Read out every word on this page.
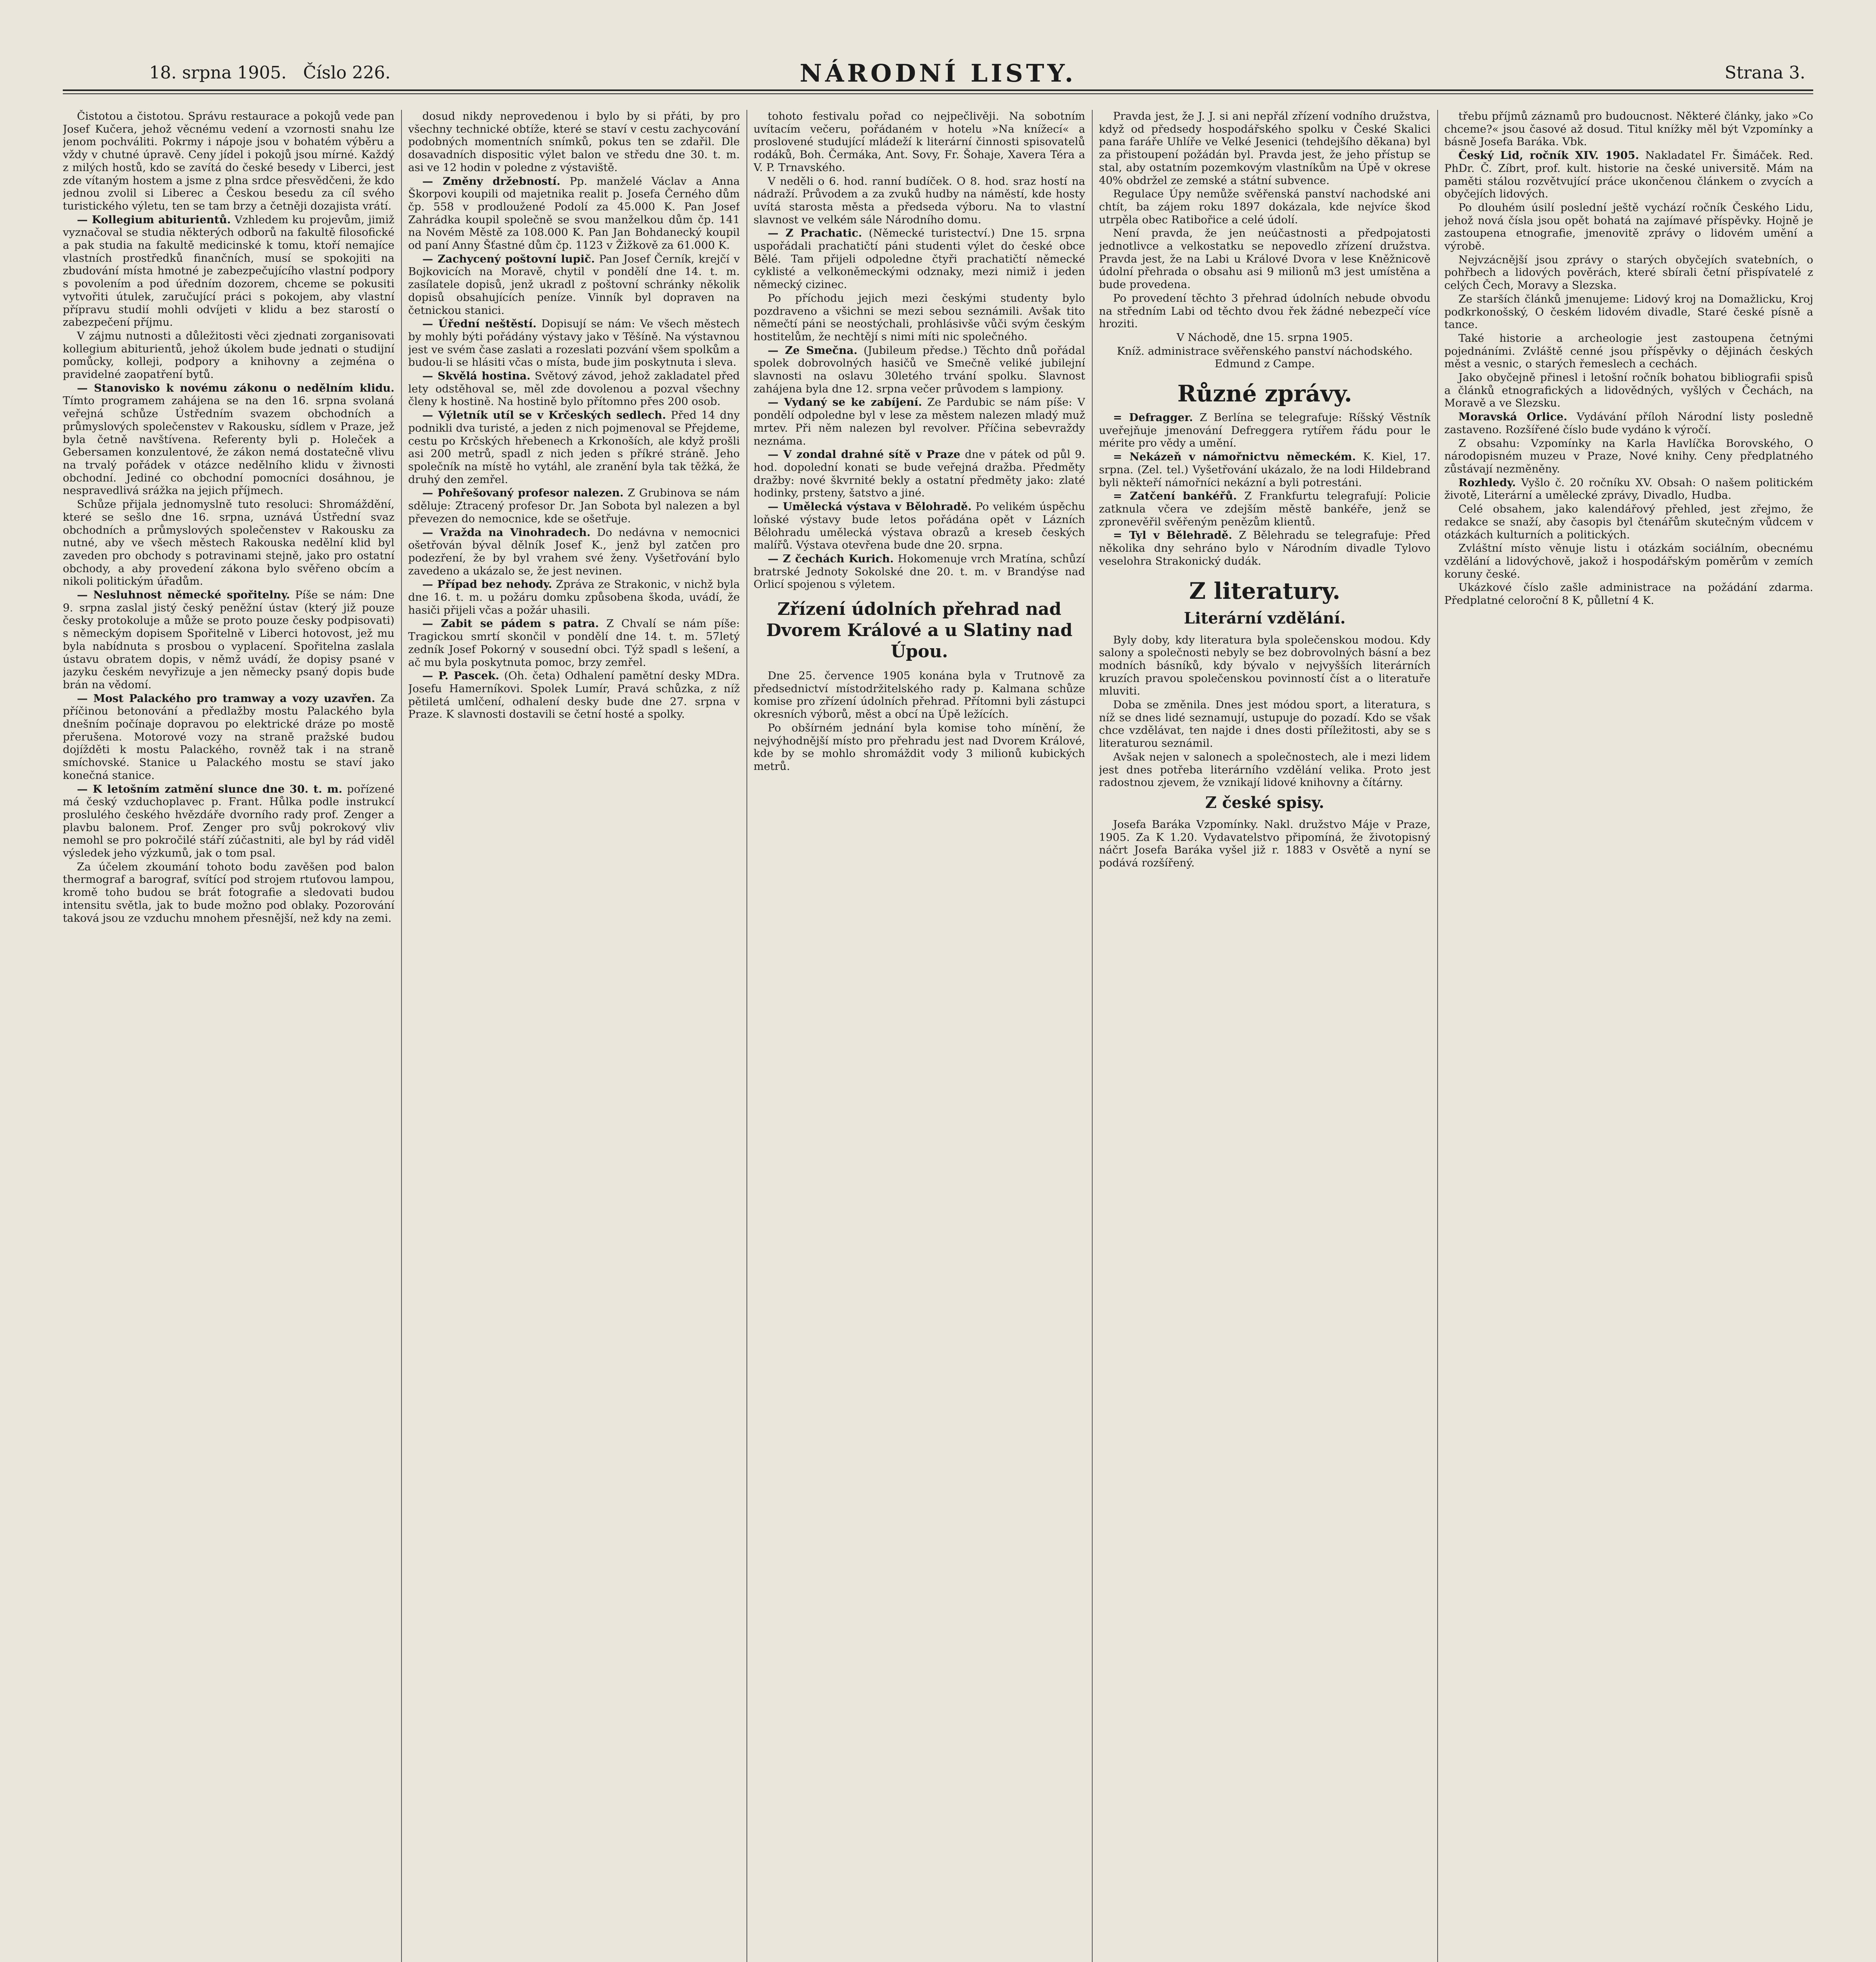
18. srpna 1905. Číslo 226.	NÁRODNÍ LISTY.	Strana 3.

Čistotou a čistotou. Správu restaurace a pokojů vede pan Josef Kučera, jehož věcnému vedení a vzornosti snahu lze jenom pochváliti. Pokrmy i nápoje jsou v bohatém výběru a vždy v chutné úpravě. Ceny jídel i pokojů jsou mírné. Každý z milých hostů, kdo se zavítá do české besedy v Liberci, jest zde vítaným hostem a jsme z plna srdce přesvědčeni, že kdo jednou zvolil si Liberec a Českou besedu za cíl svého turistického výletu, ten se tam brzy a četněji dozajista vrátí.

— Kollegium abiturientů. Vzhledem ku projevům, jimiž vyznačoval se studia některých odborů na fakultě filosofické a pak studia na fakultě medicinské k tomu, ktoří nemajíce vlastních prostředků finančních, musí se spokojiti na zbudování místa hmotné je zabezpečujícího vlastní podpory s povolením a pod úředním dozorem, chceme se pokusiti vytvořiti útulek, zaručující práci s pokojem, aby vlastní přípravu studií mohli odvíjeti v klidu a bez starostí o zabezpečení příjmu.

V zájmu nutnosti a důležitosti věci zjednati zorganisovati kollegium abiturientů, jehož úkolem bude jednati o studijní pomůcky, kolleji, podpory a knihovny a zejména o pravidelné zaopatření bytů.

— Stanovisko k novému zákonu o nedělním klidu. Tímto programem zahájena se na den 16. srpna svolaná veřejná schůze Ústředním svazem obchodních a průmyslových společenstev v Rakousku, sídlem v Praze, jež byla četně navštívena. Referenty byli p. Holeček a Gebersamen konzulentové, že zákon nemá dostatečně vlivu na trvalý pořádek v otázce nedělního klidu v živnosti obchodní. Jediné co obchodní pomocníci dosáhnou, je nespravedlivá srážka na jejich příjmech.

Schůze přijala jednomyslně tuto resoluci: Shromáždění, které se sešlo dne 16. srpna, uznává Ústřední svaz obchodních a průmyslových společenstev v Rakousku za nutné, aby ve všech městech Rakouska nedělní klid byl zaveden pro obchody s potravinami stejně, jako pro ostatní obchody, a aby provedení zákona bylo svěřeno obcím a nikoli politickým úřadům.

— Nesluhnost německé spořitelny. Píše se nám: Dne 9. srpna zaslal jistý český peněžní ústav (který již pouze česky protokoluje a může se proto pouze česky podpisovati) s německým dopisem Spořitelně v Liberci hotovost, jež mu byla nabídnuta s prosbou o vyplacení. Spořitelna zaslala ústavu obratem dopis, v němž uvádí, že dopisy psané v jazyku českém nevyřizuje a jen německy psaný dopis bude brán na vědomí.

— Most Palackého pro tramway a vozy uzavřen. Za příčinou betonování a předlažby mostu Palackého byla dnešním počínaje dopravou po elektrické dráze po mostě přerušena. Motorové vozy na straně pražské budou dojížděti k mostu Palackého, rovněž tak i na straně smíchovské. Stanice u Palackého mostu se staví jako konečná stanice.

— K letošním zatmění slunce dne 30. t. m. pořízené má český vzduchoplavec p. Frant. Hůlka podle instrukcí proslulého českého hvězdáře dvorního rady prof. Zenger a plavbu balonem. Prof. Zenger pro svůj pokrokový vliv nemohl se pro pokročilé stáří zúčastniti, ale byl by rád viděl výsledek jeho výzkumů, jak o tom psal.

Za účelem zkoumání tohoto bodu zavěšen pod balon thermograf a barograf, svítící pod strojem rtuťovou lampou, kromě toho budou se brát fotografie a sledovati budou intensitu světla, jak to bude možno pod oblaky. Pozorování taková jsou ze vzduchu mnohem přesnější, než kdy na zemi.

dosud nikdy neprovedenou i bylo by si přáti, by pro všechny technické obtíže, které se staví v cestu zachycování podobných momentních snímků, pokus ten se zdařil. Dle dosavadních dispositic výlet balon ve středu dne 30. t. m. asi ve 12 hodin v poledne z výstaviště.

— Změny držebností. Pp. manželé Václav a Anna Škorpovi koupili od majetnika realit p. Josefa Černého dům čp. 558 v prodloužené Podolí za 45.000 K. Pan Josef Zahrádka koupil společně se svou manželkou dům čp. 141 na Novém Městě za 108.000 K. Pan Jan Bohdanecký koupil od paní Anny Šťastné dům čp. 1123 v Žižkově za 61.000 K.

— Zachycený poštovní lupič. Pan Josef Černík, krejčí v Bojkovicích na Moravě, chytil v pondělí dne 14. t. m. zasílatele dopisů, jenž ukradl z poštovní schránky několik dopisů obsahujících peníze. Vinník byl dopraven na četnickou stanici.

— Úřední neštěstí. Dopisují se nám: Ve všech městech by mohly býti pořádány výstavy jako v Těšíně. Na výstavnou jest ve svém čase zaslati a rozeslati pozvání všem spolkům a budou-li se hlásiti včas o místa, bude jim poskytnuta i sleva.

— Skvělá hostina. Světový závod, jehož zakladatel před lety odstěhoval se, měl zde dovolenou a pozval všechny členy k hostině. Na hostině bylo přítomno přes 200 osob.

— Výletník utíl se v Krčeských sedlech. Před 14 dny podnikli dva turisté, a jeden z nich pojmenoval se Přejdeme, cestu po Krčských hřebenech a Krkonoších, ale když prošli asi 200 metrů, spadl z nich jeden s příkré stráně. Jeho společník na místě ho vytáhl, ale zranění byla tak těžká, že druhý den zemřel.

— Pohřešovaný profesor nalezen. Z Grubinova se nám sděluje: Ztracený profesor Dr. Jan Sobota byl nalezen a byl převezen do nemocnice, kde se ošetřuje.

— Vražda na Vinohradech. Do nedávna v nemocnici ošetřován býval dělník Josef K., jenž byl zatčen pro podezření, že by byl vrahem své ženy. Vyšetřování bylo zavedeno a ukázalo se, že jest nevinen.

— Případ bez nehody. Zpráva ze Strakonic, v nichž byla dne 16. t. m. u požáru domku způsobena škoda, uvádí, že hasiči přijeli včas a požár uhasili.

— Zabit se pádem s patra. Z Chvalí se nám píše: Tragickou smrtí skončil v pondělí dne 14. t. m. 57letý zedník Josef Pokorný v sousední obci. Týž spadl s lešení, a ač mu byla poskytnuta pomoc, brzy zemřel.

— P. Pascek. (Oh. četa) Odhalení pamětní desky MDra. Josefu Hamerníkovi. Spolek Lumír, Pravá schůzka, z níž pětiletá umlčení, odhalení desky bude dne 27. srpna v Praze. K slavnosti dostavili se četní hosté a spolky.

tohoto festivalu pořad co nejpečlivěji. Na sobotním uvítacím večeru, pořádaném v hotelu »Na knížecí« a proslovené studující mládeží k literární činnosti spisovatelů rodáků, Boh. Čermáka, Ant. Sovy, Fr. Šohaje, Xavera Téra a V. P. Trnavského.

V neděli o 6. hod. ranní budíček. O 8. hod. sraz hostí na nádraží. Průvodem a za zvuků hudby na náměstí, kde hosty uvítá starosta města a předseda výboru. Na to vlastní slavnost ve velkém sále Národního domu.

— Z Prachatic. (Německé turistectví.) Dne 15. srpna uspořádali prachatičtí páni studenti výlet do české obce Bělé. Tam přijeli odpoledne čtyři prachatičtí německé cyklisté a velkoněmeckými odznaky, mezi nimiž i jeden německý cizinec.

Po příchodu jejich mezi českými studenty bylo pozdraveno a všichni se mezi sebou seznámili. Avšak tito němečtí páni se neostýchali, prohlásivše vůči svým českým hostitelům, že nechtějí s nimi míti nic společného.

— Ze Smečna. (Jubileum předse.) Těchto dnů pořádal spolek dobrovolných hasičů ve Smečně veliké jubilejní slavnosti na oslavu 30letého trvání spolku. Slavnost zahájena byla dne 12. srpna večer průvodem s lampiony.

— Vydaný se ke zabíjení. Ze Pardubic se nám píše: V pondělí odpoledne byl v lese za městem nalezen mladý muž mrtev. Při něm nalezen byl revolver. Příčina sebevraždy neznáma.

— V zondal drahné sítě v Praze dne v pátek od půl 9. hod. dopolední konati se bude veřejná dražba. Předměty dražby: nové škvrnité bekly a ostatní předměty jako: zlaté hodinky, prsteny, šatstvo a jiné.

— Umělecká výstava v Bělohradě. Po velikém úspěchu loňské výstavy bude letos pořádána opět v Lázních Bělohradu umělecká výstava obrazů a kreseb českých malířů. Výstava otevřena bude dne 20. srpna.

— Z čechách Kurich. Hokomenuje vrch Mratína, schůzí bratrské Jednoty Sokolské dne 20. t. m. v Brandýse nad Orlicí spojenou s výletem.

Zřízení údolních přehrad nad Dvorem Králové a u Slatiny nad Úpou.

Dne 25. července 1905 konána byla v Trutnově za předsednictví místodržitelského rady p. Kalmana schůze komise pro zřízení údolních přehrad. Přítomni byli zástupci okresních výborů, měst a obcí na Úpě ležících.

Po obšírném jednání byla komise toho mínění, že nejvýhodnější místo pro přehradu jest nad Dvorem Králové, kde by se mohlo shromáždit vody 3 milionů kubických metrů.

Pravda jest, že J. J. si ani nepřál zřízení vodního družstva, když od předsedy hospodářského spolku v České Skalici pana faráře Uhlíře ve Velké Jesenici (tehdejšího děkana) byl za přistoupení požádán byl. Pravda jest, že jeho přístup se stal, aby ostatním pozemkovým vlastníkům na Úpě v okrese 40% obdržel ze zemské a státní subvence.

Regulace Úpy nemůže svěřenská panství nachodské ani chtít, ba zájem roku 1897 dokázala, kde nejvíce škod utrpěla obec Ratibořice a celé údolí.

Není pravda, že jen neúčastnosti a předpojatosti jednotlivce a velkostatku se nepovedlo zřízení družstva. Pravda jest, že na Labi u Králové Dvora v lese Kněžnicově údolní přehrada o obsahu asi 9 milionů m3 jest umístěna a bude provedena.

Po provedení těchto 3 přehrad údolních nebude obvodu na středním Labi od těchto dvou řek žádné nebezpečí více hroziti.

V Náchodě, dne 15. srpna 1905.

Kníž. administrace svěřenského panství náchodského. Edmund z Campe.

Různé zprávy.

= Defragger. Z Berlína se telegrafuje: Ríšský Věstník uveřejňuje jmenování Defreggera rytířem řádu pour le mérite pro vědy a umění.

= Nekázeň v námořnictvu německém. K. Kiel, 17. srpna. (Zel. tel.) Vyšetřování ukázalo, že na lodi Hildebrand byli někteří námořníci nekázní a byli potrestáni.

= Zatčení bankéřů. Z Frankfurtu telegrafují: Policie zatknula včera ve zdejším městě bankéře, jenž se zpronevěřil svěřeným penězům klientů.

= Tyl v Bělehradě. Z Bělehradu se telegrafuje: Před několika dny sehráno bylo v Národním divadle Tylovo veselohra Strakonický dudák.

Z literatury.
Literární vzdělání.

Byly doby, kdy literatura byla společenskou modou. Kdy salony a společnosti nebyly se bez dobrovolných básní a bez modních básníků, kdy bývalo v nejvyšších literárních kruzích pravou společenskou povinností číst a o literatuře mluviti.

Doba se změnila. Dnes jest módou sport, a literatura, s níž se dnes lidé seznamují, ustupuje do pozadí. Kdo se však chce vzdělávat, ten najde i dnes dosti příležitosti, aby se s literaturou seznámil.

Avšak nejen v salonech a společnostech, ale i mezi lidem jest dnes potřeba literárního vzdělání velika. Proto jest radostnou zjevem, že vznikají lidové knihovny a čítárny.

Z české spisy.

Josefa Baráka Vzpomínky. Nakl. družstvo Máje v Praze, 1905. Za K 1.20. Vydavatelstvo připomíná, že životopisný náčrt Josefa Baráka vyšel již r. 1883 v Osvětě a nyní se podává rozšířený.

třebu příjmů záznamů pro budoucnost. Některé články, jako »Co chceme?« jsou časové až dosud. Titul knížky měl být Vzpomínky a básně Josefa Baráka. Vbk.

Český Lid, ročník XIV. 1905. Nakladatel Fr. Šimáček. Red. PhDr. Č. Zíbrt, prof. kult. historie na české universitě. Mám na paměti stálou rozvětvující práce ukončenou článkem o zvycích a obyčejích lidových.

Po dlouhém úsilí poslední ještě vychází ročník Českého Lidu, jehož nová čísla jsou opět bohatá na zajímavé příspěvky. Hojně je zastoupena etnografie, jmenovitě zprávy o lidovém umění a výrobě.

Nejvzácnější jsou zprávy o starých obyčejích svatebních, o pohřbech a lidových pověrách, které sbírali četní přispívatelé z celých Čech, Moravy a Slezska.

Ze starších článků jmenujeme: Lidový kroj na Domažlicku, Kroj podkrkonošský, O českém lidovém divadle, Staré české písně a tance.

Také historie a archeologie jest zastoupena četnými pojednáními. Zvláště cenné jsou příspěvky o dějinách českých měst a vesnic, o starých řemeslech a cechách.

Jako obyčejně přinesl i letošní ročník bohatou bibliografii spisů a článků etnografických a lidovědných, vyšlých v Čechách, na Moravě a ve Slezsku.

Moravská Orlice. Vydávání příloh Národní listy posledně zastaveno. Rozšířené číslo bude vydáno k výročí.

Z obsahu: Vzpomínky na Karla Havlíčka Borovského, O národopisném muzeu v Praze, Nové knihy. Ceny předplatného zůstávají nezměněny.

Rozhledy. Vyšlo č. 20 ročníku XV. Obsah: O našem politickém životě, Literární a umělecké zprávy, Divadlo, Hudba.

Celé obsahem, jako kalendářový přehled, jest zřejmo, že redakce se snaží, aby časopis byl čtenářům skutečným vůdcem v otázkách kulturních a politických.

Zvláštní místo věnuje listu i otázkám sociálním, obecnému vzdělání a lidovýchově, jakož i hospodářským poměrům v zemích koruny české.

Ukázkové číslo zašle administrace na požádání zdarma. Předplatné celoroční 8 K, půlletní 4 K.
